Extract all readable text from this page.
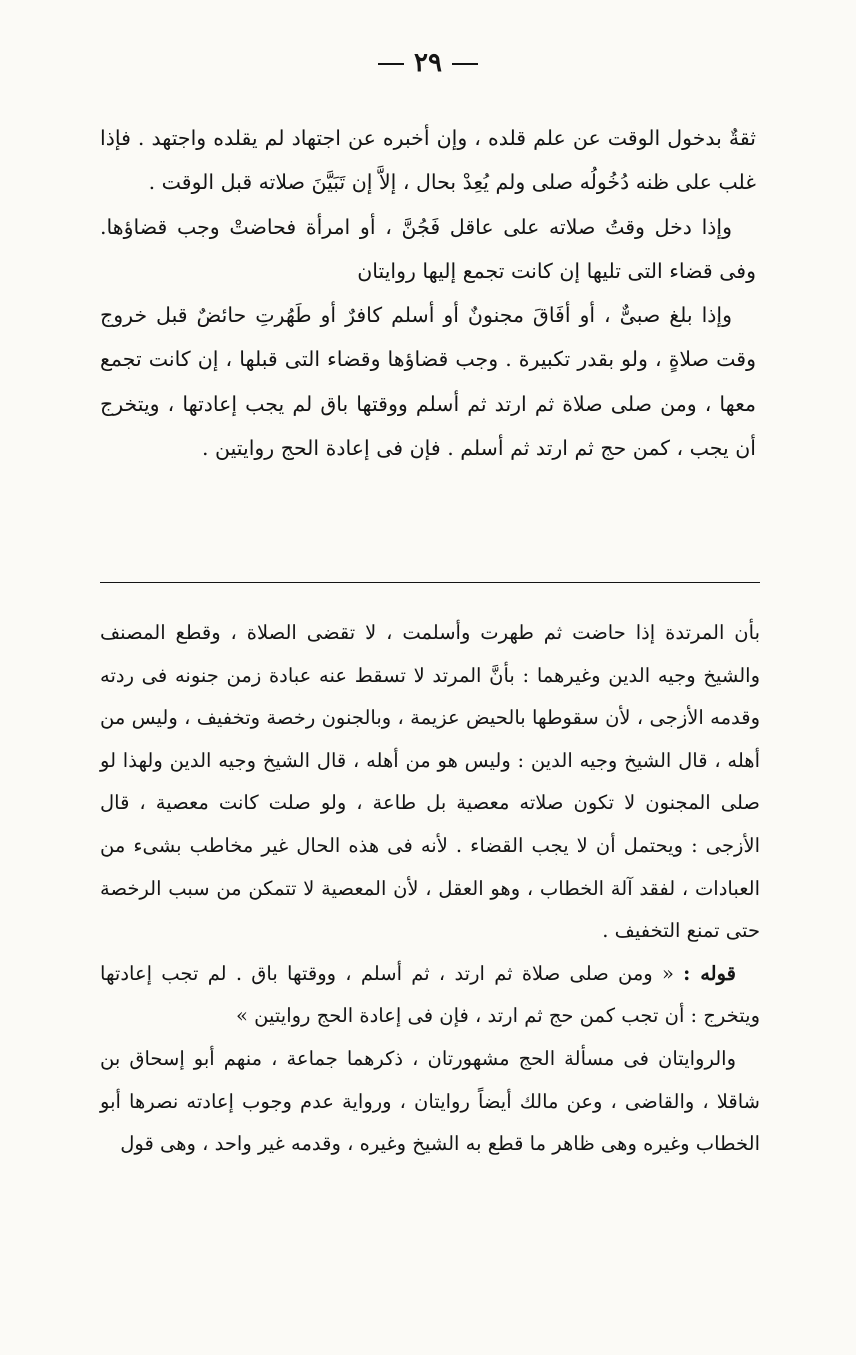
٢٩

ثقةٌ بدخول الوقت عن علم قلده ، وإن أخبره عن اجتهاد لم يقلده واجتهد . فإذا غلب على ظنه دُخُولُه صلى ولم يُعِدْ بحال ، إلاَّ إن تَبَيَّنَ صلاته قبل الوقت .

وإذا دخل وقتُ صلاته على عاقل فَجُنَّ ، أو امرأة فحاضتْ وجب قضاؤها. وفى قضاء التى تليها إن كانت تجمع إليها روايتان

وإذا بلغ صبىٌّ ، أو أفَاقَ مجنونٌ أو أسلم كافرٌ أو طَهُرتِ حائضٌ قبل خروج وقت صلاةٍ ، ولو بقدر تكبيرة . وجب قضاؤها وقضاء التى قبلها ، إن كانت تجمع معها ، ومن صلى صلاة ثم ارتد ثم أسلم ووقتها باق لم يجب إعادتها ، ويتخرج أن يجب ، كمن حج ثم ارتد ثم أسلم . فإن فى إعادة الحج روايتين .

بأن المرتدة إذا حاضت ثم طهرت وأسلمت ، لا تقضى الصلاة ، وقطع المصنف والشيخ وجيه الدين وغيرهما : بأنَّ المرتد لا تسقط عنه عبادة زمن جنونه فى ردته وقدمه الأزجى ، لأن سقوطها بالحيض عزيمة ، وبالجنون رخصة وتخفيف ، وليس من أهله ، قال الشيخ وجيه الدين : وليس هو من أهله ، قال الشيخ وجيه الدين ولهذا لو صلى المجنون لا تكون صلاته معصية بل طاعة ، ولو صلت كانت معصية ، قال الأزجى : ويحتمل أن لا يجب القضاء . لأنه فى هذه الحال غير مخاطب بشىء من العبادات ، لفقد آلة الخطاب ، وهو العقل ، لأن المعصية لا تتمكن من سبب الرخصة حتى تمنع التخفيف .

قوله : « ومن صلى صلاة ثم ارتد ، ثم أسلم ، ووقتها باق . لم تجب إعادتها ويتخرج : أن تجب كمن حج ثم ارتد ، فإن فى إعادة الحج روايتين »

والروايتان فى مسألة الحج مشهورتان ، ذكرهما جماعة ، منهم أبو إسحاق بن شاقلا ، والقاضى ، وعن مالك أيضاً روايتان ، ورواية عدم وجوب إعادته نصرها أبو الخطاب وغيره وهى ظاهر ما قطع به الشيخ وغيره ، وقدمه غير واحد ، وهى قول
